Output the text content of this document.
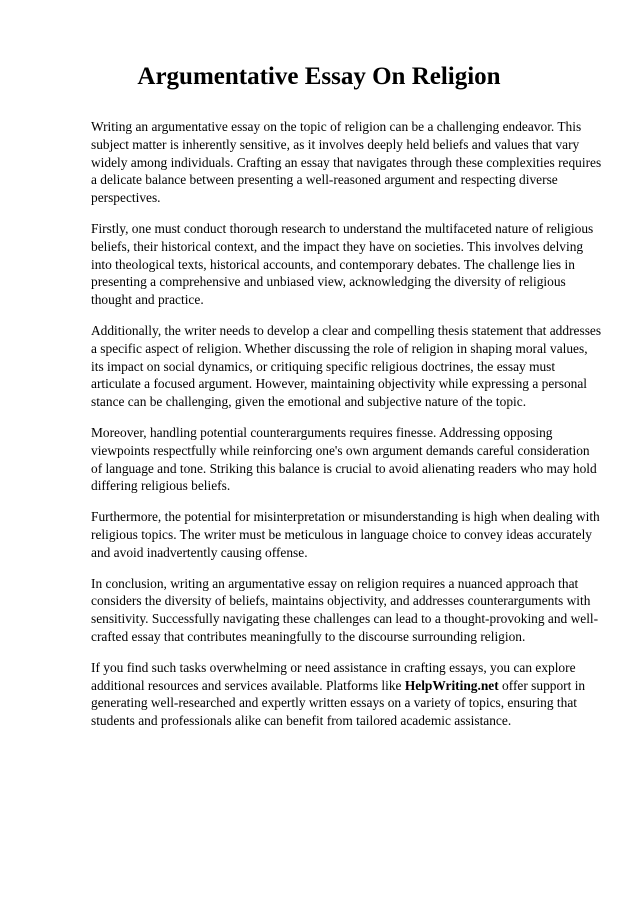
Argumentative Essay On Religion

Writing an argumentative essay on the topic of religion can be a challenging endeavor. This subject matter is inherently sensitive, as it involves deeply held beliefs and values that vary widely among individuals. Crafting an essay that navigates through these complexities requires a delicate balance between presenting a well-reasoned argument and respecting diverse perspectives.

Firstly, one must conduct thorough research to understand the multifaceted nature of religious beliefs, their historical context, and the impact they have on societies. This involves delving into theological texts, historical accounts, and contemporary debates. The challenge lies in presenting a comprehensive and unbiased view, acknowledging the diversity of religious thought and practice.

Additionally, the writer needs to develop a clear and compelling thesis statement that addresses a specific aspect of religion. Whether discussing the role of religion in shaping moral values, its impact on social dynamics, or critiquing specific religious doctrines, the essay must articulate a focused argument. However, maintaining objectivity while expressing a personal stance can be challenging, given the emotional and subjective nature of the topic.

Moreover, handling potential counterarguments requires finesse. Addressing opposing viewpoints respectfully while reinforcing one's own argument demands careful consideration of language and tone. Striking this balance is crucial to avoid alienating readers who may hold differing religious beliefs.

Furthermore, the potential for misinterpretation or misunderstanding is high when dealing with religious topics. The writer must be meticulous in language choice to convey ideas accurately and avoid inadvertently causing offense.

In conclusion, writing an argumentative essay on religion requires a nuanced approach that considers the diversity of beliefs, maintains objectivity, and addresses counterarguments with sensitivity. Successfully navigating these challenges can lead to a thought-provoking and well-crafted essay that contributes meaningfully to the discourse surrounding religion.

If you find such tasks overwhelming or need assistance in crafting essays, you can explore additional resources and services available. Platforms like HelpWriting.net offer support in generating well-researched and expertly written essays on a variety of topics, ensuring that students and professionals alike can benefit from tailored academic assistance.
